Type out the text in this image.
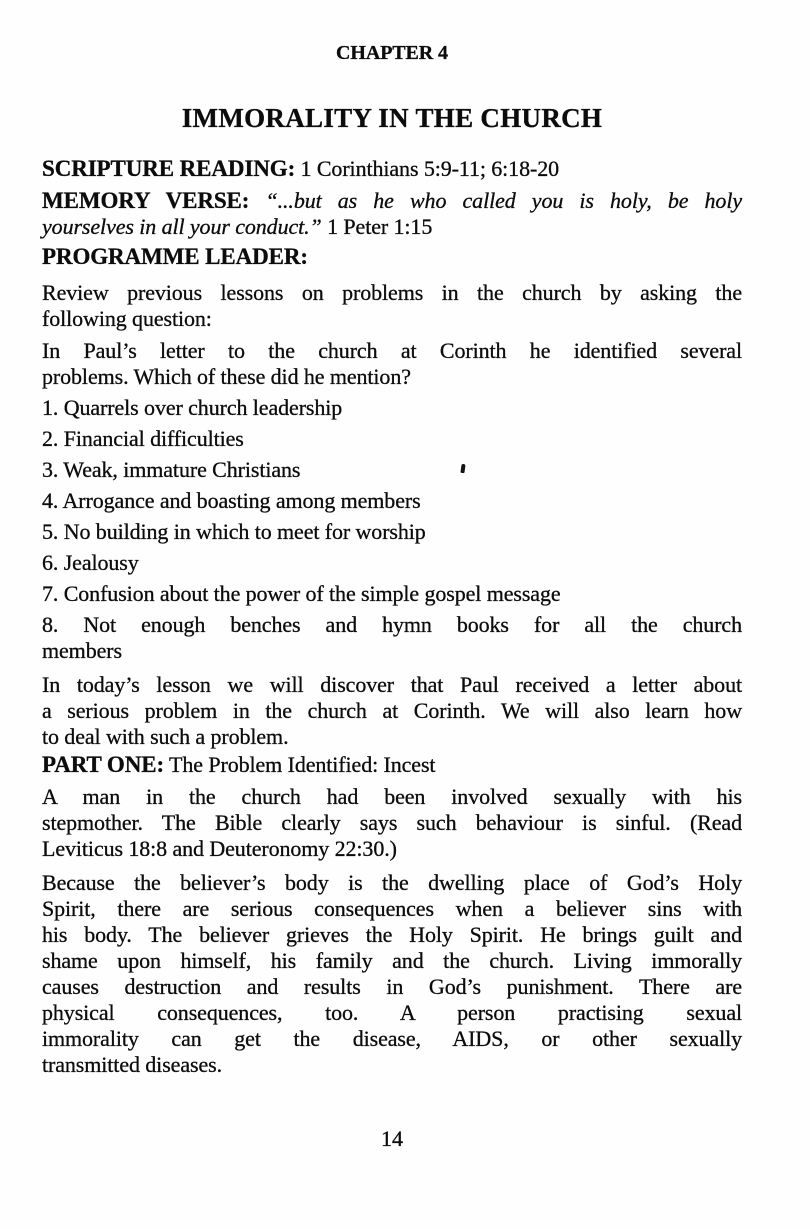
CHAPTER 4
IMMORALITY IN THE CHURCH
SCRIPTURE READING: 1 Corinthians 5:9-11; 6:18-20
MEMORY VERSE: “...but as he who called you is holy, be holy
yourselves in all your conduct.” 1 Peter 1:15
PROGRAMME LEADER:
Review previous lessons on problems in the church by asking the
following question:
In Paul’s letter to the church at Corinth he identified several
problems. Which of these did he mention?
1. Quarrels over church leadership
2. Financial difficulties
3. Weak, immature Christians
4. Arrogance and boasting among members
5. No building in which to meet for worship
6. Jealousy
7. Confusion about the power of the simple gospel message
8. Not enough benches and hymn books for all the church
members
In today’s lesson we will discover that Paul received a letter about
a serious problem in the church at Corinth. We will also learn how
to deal with such a problem.
PART ONE: The Problem Identified: Incest
A man in the church had been involved sexually with his
stepmother. The Bible clearly says such behaviour is sinful. (Read
Leviticus 18:8 and Deuteronomy 22:30.)
Because the believer’s body is the dwelling place of God’s Holy
Spirit, there are serious consequences when a believer sins with
his body. The believer grieves the Holy Spirit. He brings guilt and
shame upon himself, his family and the church. Living immorally
causes destruction and results in God’s punishment. There are
physical consequences, too. A person practising sexual
immorality can get the disease, AIDS, or other sexually
transmitted diseases.
14
